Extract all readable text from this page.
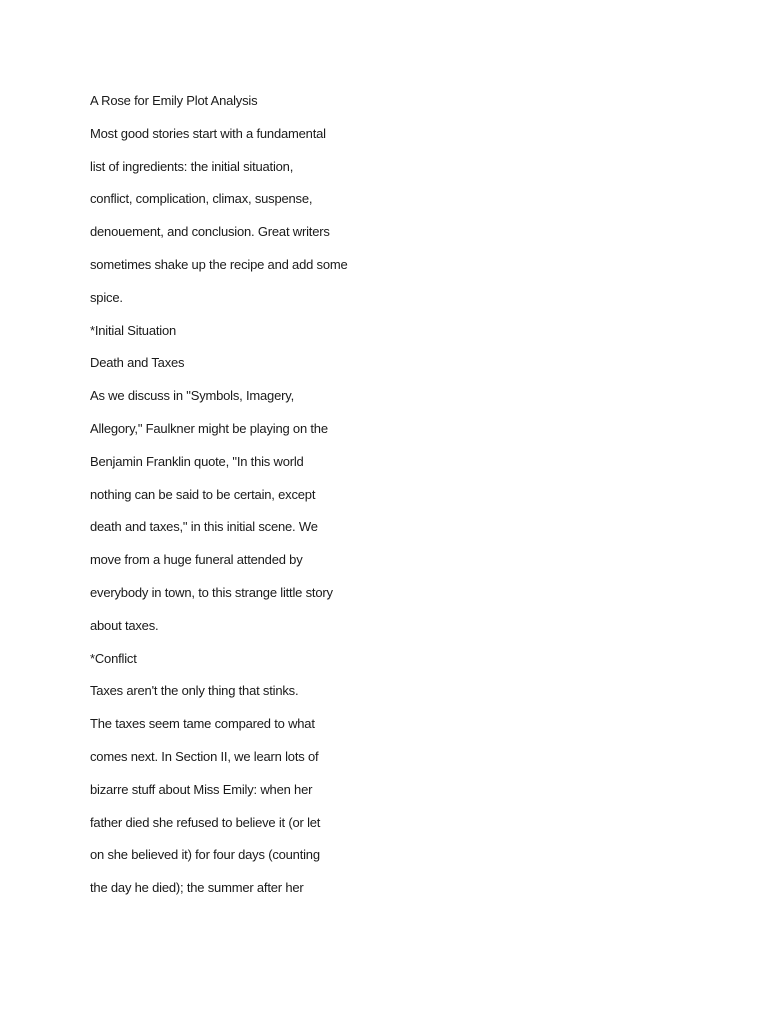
A Rose for Emily Plot Analysis
Most good stories start with a fundamental
list of ingredients: the initial situation,
conflict, complication, climax, suspense,
denouement, and conclusion. Great writers
sometimes shake up the recipe and add some
spice.
*Initial Situation
Death and Taxes
As we discuss in "Symbols, Imagery,
Allegory," Faulkner might be playing on the
Benjamin Franklin quote, "In this world
nothing can be said to be certain, except
death and taxes," in this initial scene. We
move from a huge funeral attended by
everybody in town, to this strange little story
about taxes.
*Conflict
Taxes aren't the only thing that stinks.
The taxes seem tame compared to what
comes next. In Section II, we learn lots of
bizarre stuff about Miss Emily: when her
father died she refused to believe it (or let
on she believed it) for four days (counting
the day he died); the summer after her
